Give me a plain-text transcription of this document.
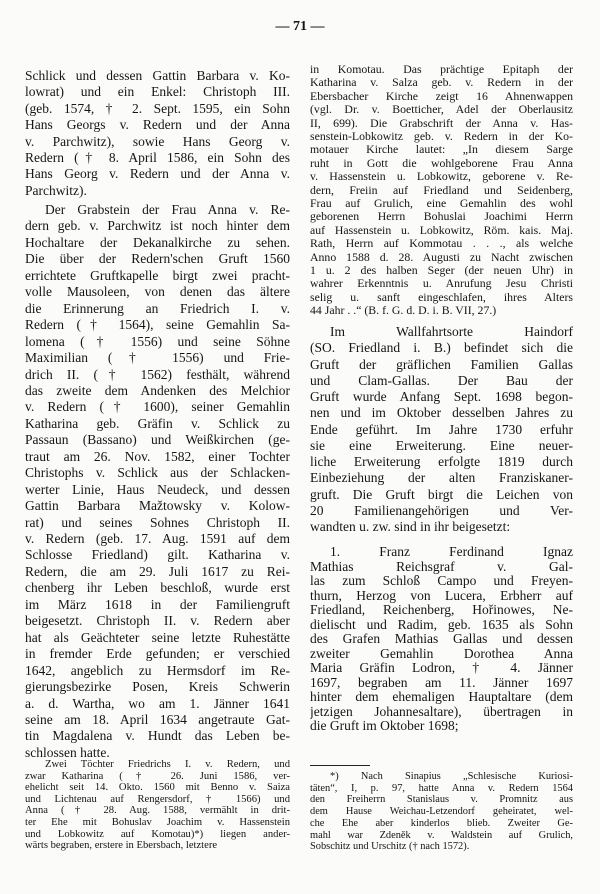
— 71 —
Schlick und dessen Gattin Barbara v. Ko-
lowrat) und ein Enkel: Christoph III.
(geb. 1574, † 2. Sept. 1595, ein Sohn
Hans Georgs v. Redern und der Anna
v. Parchwitz), sowie Hans Georg v.
Redern († 8. April 1586, ein Sohn des
Hans Georg v. Redern und der Anna v.
Parchwitz).
Der Grabstein der Frau Anna v. Re-
dern geb. v. Parchwitz ist noch hinter dem
Hochaltare der Dekanalkirche zu sehen.
Die über der Redern'schen Gruft 1560
errichtete Gruftkapelle birgt zwei pracht-
volle Mausoleen, von denen das ältere
die Erinnerung an Friedrich I. v.
Redern († 1564), seine Gemahlin Sa-
lomena († 1556) und seine Söhne
Maximilian († 1556) und Frie-
drich II. († 1562) festhält, während
das zweite dem Andenken des Melchior
v. Redern († 1600), seiner Gemahlin
Katharina geb. Gräfin v. Schlick zu
Passaun (Bassano) und Weißkirchen (ge-
traut am 26. Nov. 1582, einer Tochter
Christophs v. Schlick aus der Schlacken-
werter Linie, Haus Neudeck, und dessen
Gattin Barbara Mažtowsky v. Kolow-
rat) und seines Sohnes Christoph II.
v. Redern (geb. 17. Aug. 1591 auf dem
Schlosse Friedland) gilt. Katharina v.
Redern, die am 29. Juli 1617 zu Rei-
chenberg ihr Leben beschloß, wurde erst
im März 1618 in der Familiengruft
beigesetzt. Christoph II. v. Redern aber
hat als Geächteter seine letzte Ruhestätte
in fremder Erde gefunden; er verschied
1642, angeblich zu Hermsdorf im Re-
gierungsbezirke Posen, Kreis Schwerin
a. d. Wartha, wo am 1. Jänner 1641
seine am 18. April 1634 angetraute Gat-
tin Magdalena v. Hundt das Leben be-
schlossen hatte.
Zwei Töchter Friedrichs I. v. Redern, und
zwar Katharina († 26. Juni 1586, ver-
ehelicht seit 14. Okto. 1560 mit Benno v. Saiza
und Lichtenau auf Rengersdorf, † 1566) und
Anna († 28. Aug. 1588, vermählt in drit-
ter Ehe mit Bohuslav Joachim v. Hassenstein
und Lobkowitz auf Komotau)*) liegen ander-
wärts begraben, erstere in Ebersbach, letztere
in Komotau. Das prächtige Epitaph der
Katharina v. Salza geb. v. Redern in der
Ebersbacher Kirche zeigt 16 Ahnenwappen
(vgl. Dr. v. Boetticher, Adel der Oberlausitz
II, 699). Die Grabschrift der Anna v. Has-
senstein-Lobkowitz geb. v. Redern in der Ko-
motauer Kirche lautet: „In diesem Sarge
ruht in Gott die wohlgeborene Frau Anna
v. Hassenstein u. Lobkowitz, geborene v. Re-
dern, Freiin auf Friedland und Seidenberg,
Frau auf Grulich, eine Gemahlin des wohl
geborenen Herrn Bohuslai Joachimi Herrn
auf Hassenstein u. Lobkowitz, Röm. kais. Maj.
Rath, Herrn auf Kommotau . . ., als welche
Anno 1588 d. 28. Augusti zu Nacht zwischen
1 u. 2 des halben Seger (der neuen Uhr) in
wahrer Erkenntnis u. Anrufung Jesu Christi
selig u. sanft eingeschlafen, ihres Alters
44 Jahr . .“ (B. f. G. d. D. i. B. VII, 27.)
Im Wallfahrtsorte Haindorf
(SO. Friedland i. B.) befindet sich die
Gruft der gräflichen Familien Gallas
und Clam-Gallas. Der Bau der
Gruft wurde Anfang Sept. 1698 begon-
nen und im Oktober desselben Jahres zu
Ende geführt. Im Jahre 1730 erfuhr
sie eine Erweiterung. Eine neuer-
liche Erweiterung erfolgte 1819 durch
Einbeziehung der alten Franziskaner-
gruft. Die Gruft birgt die Leichen von
20 Familienangehörigen und Ver-
wandten u. zw. sind in ihr beigesetzt:
1. Franz Ferdinand Ignaz
Mathias Reichsgraf v. Gal-
las zum Schloß Campo und Freyen-
thurn, Herzog von Lucera, Erbherr auf
Friedland, Reichenberg, Hořinowes, Ne-
dielischt und Radim, geb. 1635 als Sohn
des Grafen Mathias Gallas und dessen
zweiter Gemahlin Dorothea Anna
Maria Gräfin Lodron, † 4. Jänner
1697, begraben am 11. Jänner 1697
hinter dem ehemaligen Hauptaltare (dem
jetzigen Johannesaltare), übertragen in
die Gruft im Oktober 1698;
*) Nach Sinapius „Schlesische Kuriosi-
täten“, I, p. 97, hatte Anna v. Redern 1564
den Freiherrn Stanislaus v. Promnitz aus
dem Hause Weichau-Letzendorf geheiratet, wel-
che Ehe aber kinderlos blieb. Zweiter Ge-
mahl war Zdeněk v. Waldstein auf Grulich,
Sobschitz und Urschitz († nach 1572).
